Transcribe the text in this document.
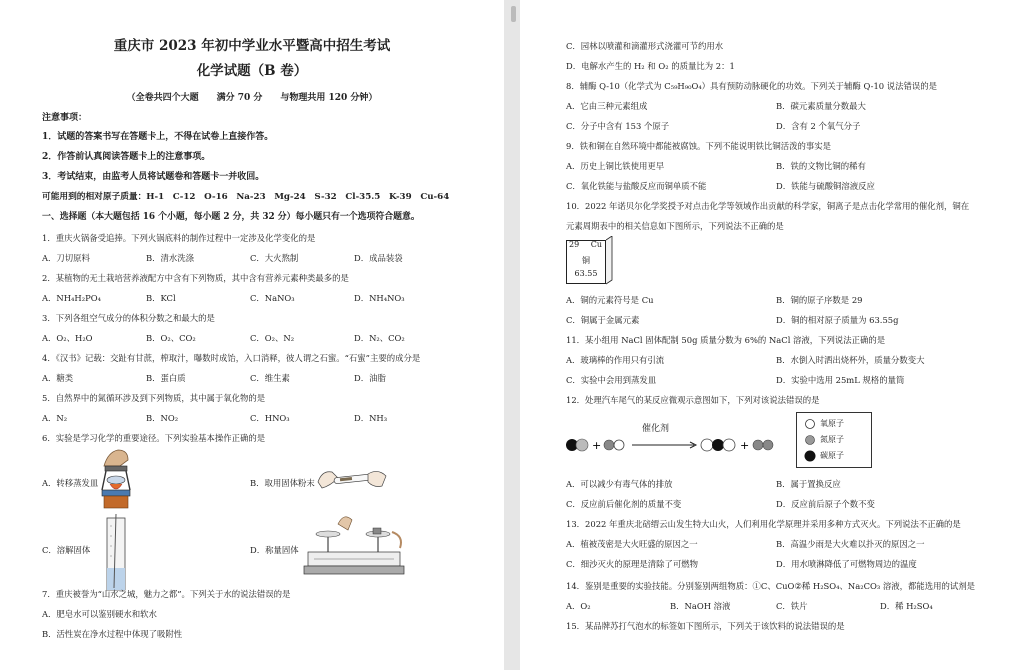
重庆市 2023 年初中学业水平暨高中招生考试
化学试题（B 卷）
（全卷共四个大题　　满分 70 分　　与物理共用 120 分钟）
注意事项：
1．试题的答案书写在答题卡上，不得在试卷上直接作答。
2．作答前认真阅读答题卡上的注意事项。
3．考试结束，由监考人员将试题卷和答题卡一并收回。
可能用到的相对原子质量：H-1　C-12　O-16　Na-23　Mg-24　S-32　Cl-35.5　K-39　Cu-64
一、选择题（本大题包括 16 个小题，每小题 2 分，共 32 分）每小题只有一个选项符合题意。
1．重庆火锅备受追捧。下列火锅底料的制作过程中一定涉及化学变化的是
A．刀切原料	B．清水洗涤	C．大火熬制	D．成品装袋
2．某植物的无土栽培营养液配方中含有下列物质，其中含有营养元素种类最多的是
A．NH₄H₂PO₄	B．KCl	C．NaNO₃	D．NH₄NO₃
3．下列各组空气成分的体积分数之和最大的是
A．O₂、H₂O	B．O₂、CO₂	C．O₂、N₂	D．N₂、CO₂
4．《汉书》记载：交趾有甘蔗，榨取汁，曝数时成饴，入口消释，彼人谓之石蜜。“石蜜”主要的成分是
A．糖类	B．蛋白质	C．维生素	D．油脂
5．自然界中的氮循环涉及到下列物质，其中属于氧化物的是
A．N₂	B．NO₂	C．HNO₃	D．NH₃
6．实验是学习化学的重要途径。下列实验基本操作正确的是
A．转移蒸发皿	B．取用固体粉末
C．溶解固体	D．称量固体
7．重庆被誉为“山水之城，魅力之都”。下列关于水的说法错误的是
A．肥皂水可以鉴别硬水和软水
B．活性炭在净水过程中体现了吸附性
C．园林以喷灌和滴灌形式浇灌可节约用水
D．电解水产生的 H₂ 和 O₂ 的质量比为 2：1
8．辅酶 Q-10（化学式为 C₅₉H₉₀O₄）具有预防动脉硬化的功效。下列关于辅酶 Q-10 说法错误的是
A．它由三种元素组成	B．碳元素质量分数最大
C．分子中含有 153 个原子	D．含有 2 个氧气分子
9．铁和铜在自然环境中都能被腐蚀。下列不能说明铁比铜活泼的事实是
A．历史上铜比铁使用更早	B．铁的文物比铜的稀有
C．氧化铁能与盐酸反应而铜单质不能	D．铁能与硫酸铜溶液反应
10．2022 年诺贝尔化学奖授予对点击化学等领域作出贡献的科学家，铜离子是点击化学常用的催化剂，铜在
元素周期表中的相关信息如下图所示，下列说法不正确的是
29 Cu
铜
63.55
A．铜的元素符号是 Cu	B．铜的原子序数是 29
C．铜属于金属元素	D．铜的相对原子质量为 63.55g
11．某小组用 NaCl 固体配制 50g 质量分数为 6%的 NaCl 溶液，下列说法正确的是
A．玻璃棒的作用只有引流	B．水倒入时洒出烧杯外，质量分数变大
C．实验中会用到蒸发皿	D．实验中选用 25mL 规格的量筒
12．处理汽车尾气的某反应微观示意图如下，下列对该说法错误的是
+	+
催化剂
氧原子
氮原子
碳原子
A．可以减少有毒气体的排放	B．属于置换反应
C．反应前后催化剂的质量不变	D．反应前后原子个数不变
13．2022 年重庆北碚缙云山发生特大山火，人们利用化学原理并采用多种方式灭火。下列说法不正确的是
A．植被茂密是大火旺盛的原因之一	B．高温少雨是大火难以扑灭的原因之一
C．细沙灭火的原理是清除了可燃物	D．用水喷淋降低了可燃物周边的温度
14．鉴别是重要的实验技能。分别鉴别两组物质：①C、CuO②稀 H₂SO₄、Na₂CO₃ 溶液，都能选用的试剂是
A．O₂	B．NaOH 溶液	C．铁片	D．稀 H₂SO₄
15．某品牌苏打气泡水的标签如下图所示，下列关于该饮料的说法错误的是
